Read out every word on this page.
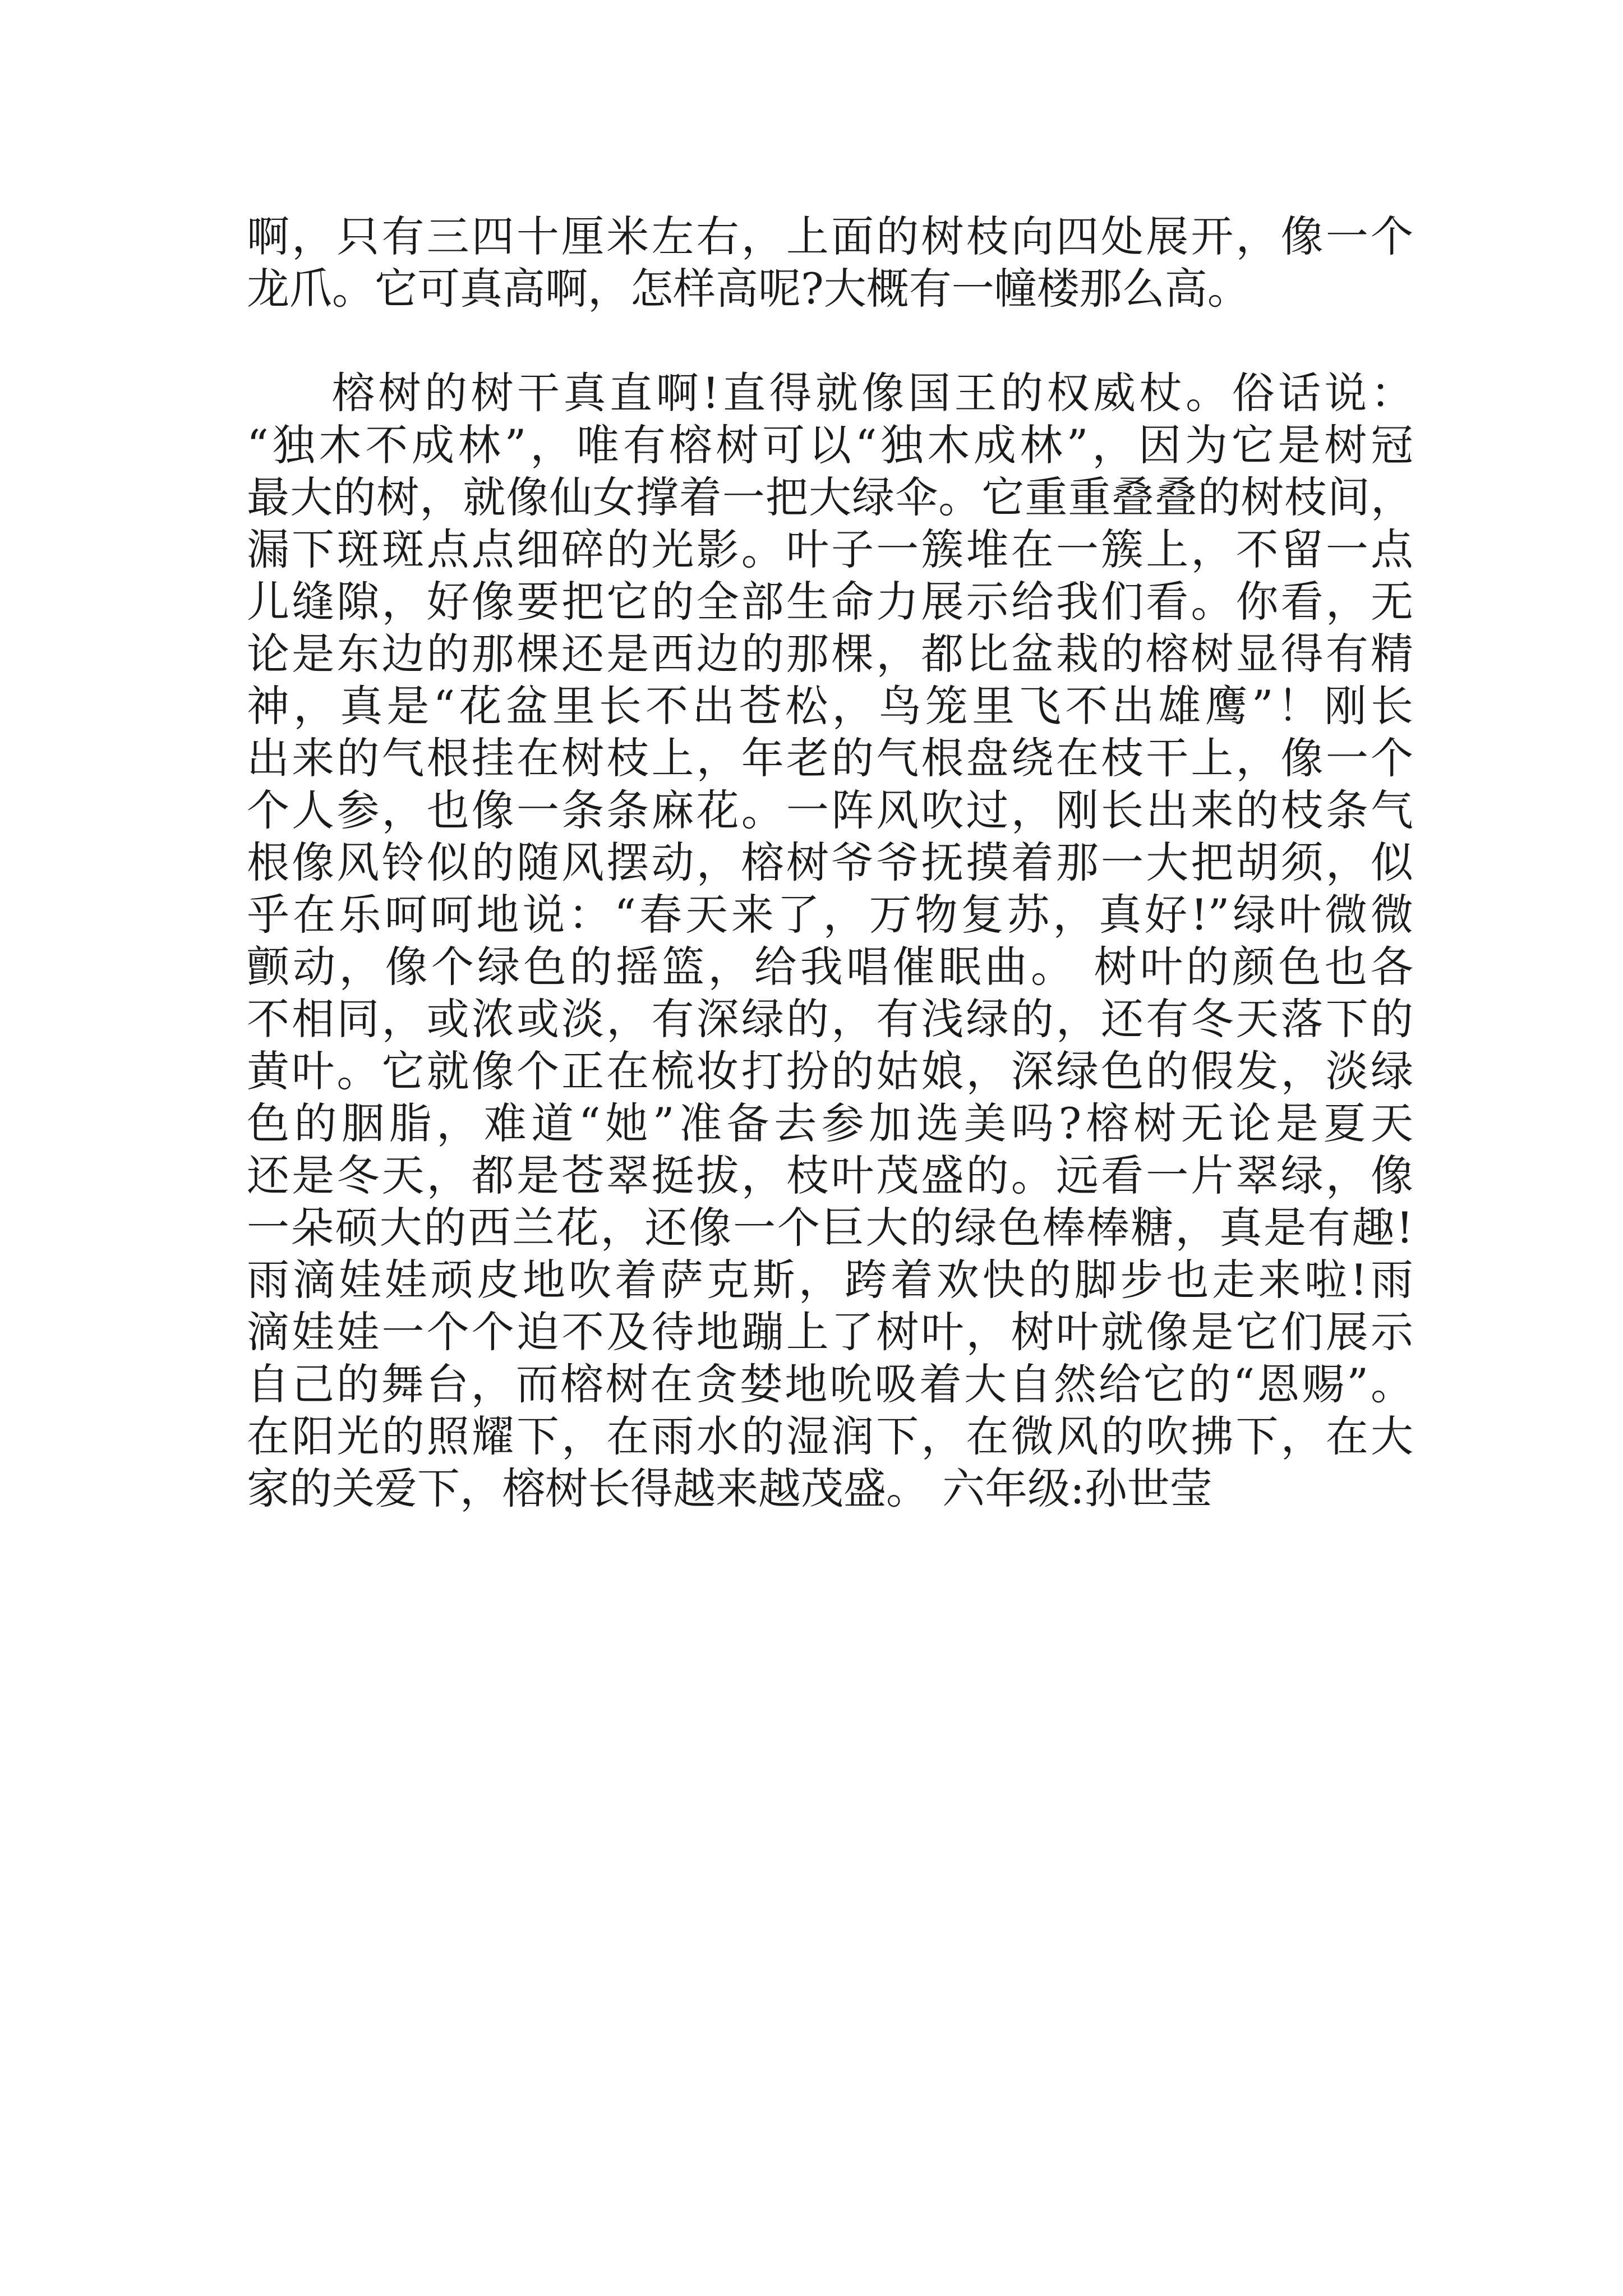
啊，只有三四十厘米左右，上面的树枝向四处展开，像一个
龙爪。它可真高啊，怎样高呢?大概有一幢楼那么高。
榕树的树干真直啊!直得就像国王的权威杖。俗话说：
“独木不成林”，唯有榕树可以“独木成林”，因为它是树冠
最大的树，就像仙女撑着一把大绿伞。它重重叠叠的树枝间，
漏下斑斑点点细碎的光影。叶子一簇堆在一簇上，不留一点
儿缝隙，好像要把它的全部生命力展示给我们看。你看，无
论是东边的那棵还是西边的那棵，都比盆栽的榕树显得有精
神，真是“花盆里长不出苍松，鸟笼里飞不出雄鹰”！刚长
出来的气根挂在树枝上，年老的气根盘绕在枝干上，像一个
个人参，也像一条条麻花。一阵风吹过，刚长出来的枝条气
根像风铃似的随风摆动，榕树爷爷抚摸着那一大把胡须，似
乎在乐呵呵地说：“春天来了，万物复苏，真好!”绿叶微微
颤动，像个绿色的摇篮，给我唱催眠曲。 树叶的颜色也各
不相同，或浓或淡，有深绿的，有浅绿的，还有冬天落下的
黄叶。它就像个正在梳妆打扮的姑娘，深绿色的假发，淡绿
色的胭脂，难道“她”准备去参加选美吗?榕树无论是夏天
还是冬天，都是苍翠挺拔，枝叶茂盛的。远看一片翠绿，像
一朵硕大的西兰花，还像一个巨大的绿色棒棒糖，真是有趣!
雨滴娃娃顽皮地吹着萨克斯，跨着欢快的脚步也走来啦!雨
滴娃娃一个个迫不及待地蹦上了树叶，树叶就像是它们展示
自己的舞台，而榕树在贪婪地吮吸着大自然给它的“恩赐”。
在阳光的照耀下，在雨水的湿润下，在微风的吹拂下，在大
家的关爱下，榕树长得越来越茂盛。 六年级:孙世莹
